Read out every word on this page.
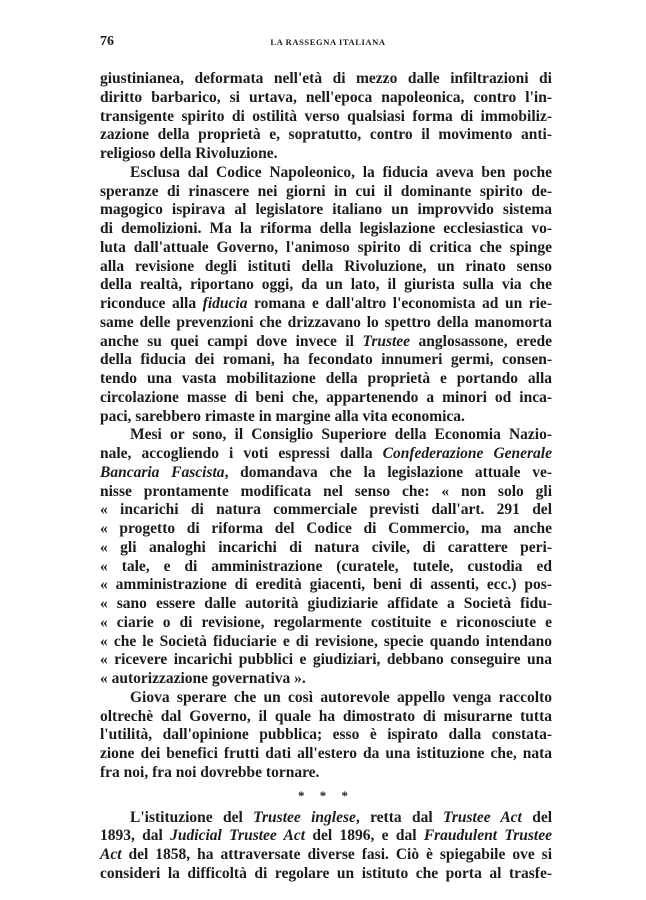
76	LA RASSEGNA ITALIANA
giustinianea, deformata nell'età di mezzo dalle infiltrazioni di
diritto barbarico, si urtava, nell'epoca napoleonica, contro l'in-
transigente spirito di ostilità verso qualsiasi forma di immobiliz-
zazione della proprietà e, sopratutto, contro il movimento anti-
religioso della Rivoluzione.
Esclusa dal Codice Napoleonico, la fiducia aveva ben poche
speranze di rinascere nei giorni in cui il dominante spirito de-
magogico ispirava al legislatore italiano un improvvido sistema
di demolizioni. Ma la riforma della legislazione ecclesiastica vo-
luta dall'attuale Governo, l'animoso spirito di critica che spinge
alla revisione degli istituti della Rivoluzione, un rinato senso
della realtà, riportano oggi, da un lato, il giurista sulla via che
riconduce alla fiducia romana e dall'altro l'economista ad un rie-
same delle prevenzioni che drizzavano lo spettro della manomorta
anche su quei campi dove invece il Trustee anglosassone, erede
della fiducia dei romani, ha fecondato innumeri germi, consen-
tendo una vasta mobilitazione della proprietà e portando alla
circolazione masse di beni che, appartenendo a minori od inca-
paci, sarebbero rimaste in margine alla vita economica.
Mesi or sono, il Consiglio Superiore della Economia Nazio-
nale, accogliendo i voti espressi dalla Confederazione Generale
Bancaria Fascista, domandava che la legislazione attuale ve-
nisse prontamente modificata nel senso che: « non solo gli
« incarichi di natura commerciale previsti dall'art. 291 del
« progetto di riforma del Codice di Commercio, ma anche
« gli analoghi incarichi di natura civile, di carattere peri-
« tale, e di amministrazione (curatele, tutele, custodia ed
« amministrazione di eredità giacenti, beni di assenti, ecc.) pos-
« sano essere dalle autorità giudiziarie affidate a Società fidu-
« ciarie o di revisione, regolarmente costituite e riconosciute e
« che le Società fiduciarie e di revisione, specie quando intendano
« ricevere incarichi pubblici e giudiziari, debbano conseguire una
« autorizzazione governativa ».
Giova sperare che un così autorevole appello venga raccolto
oltrechè dal Governo, il quale ha dimostrato di misurarne tutta
l'utilità, dall'opinione pubblica; esso è ispirato dalla constata-
zione dei benefici frutti dati all'estero da una istituzione che, nata
fra noi, fra noi dovrebbe tornare.
* * *
L'istituzione del Trustee inglese, retta dal Trustee Act del
1893, dal Judicial Trustee Act del 1896, e dal Fraudulent Trustee
Act del 1858, ha attraversate diverse fasi. Ciò è spiegabile ove si
consideri la difficoltà di regolare un istituto che porta al trasfe-
